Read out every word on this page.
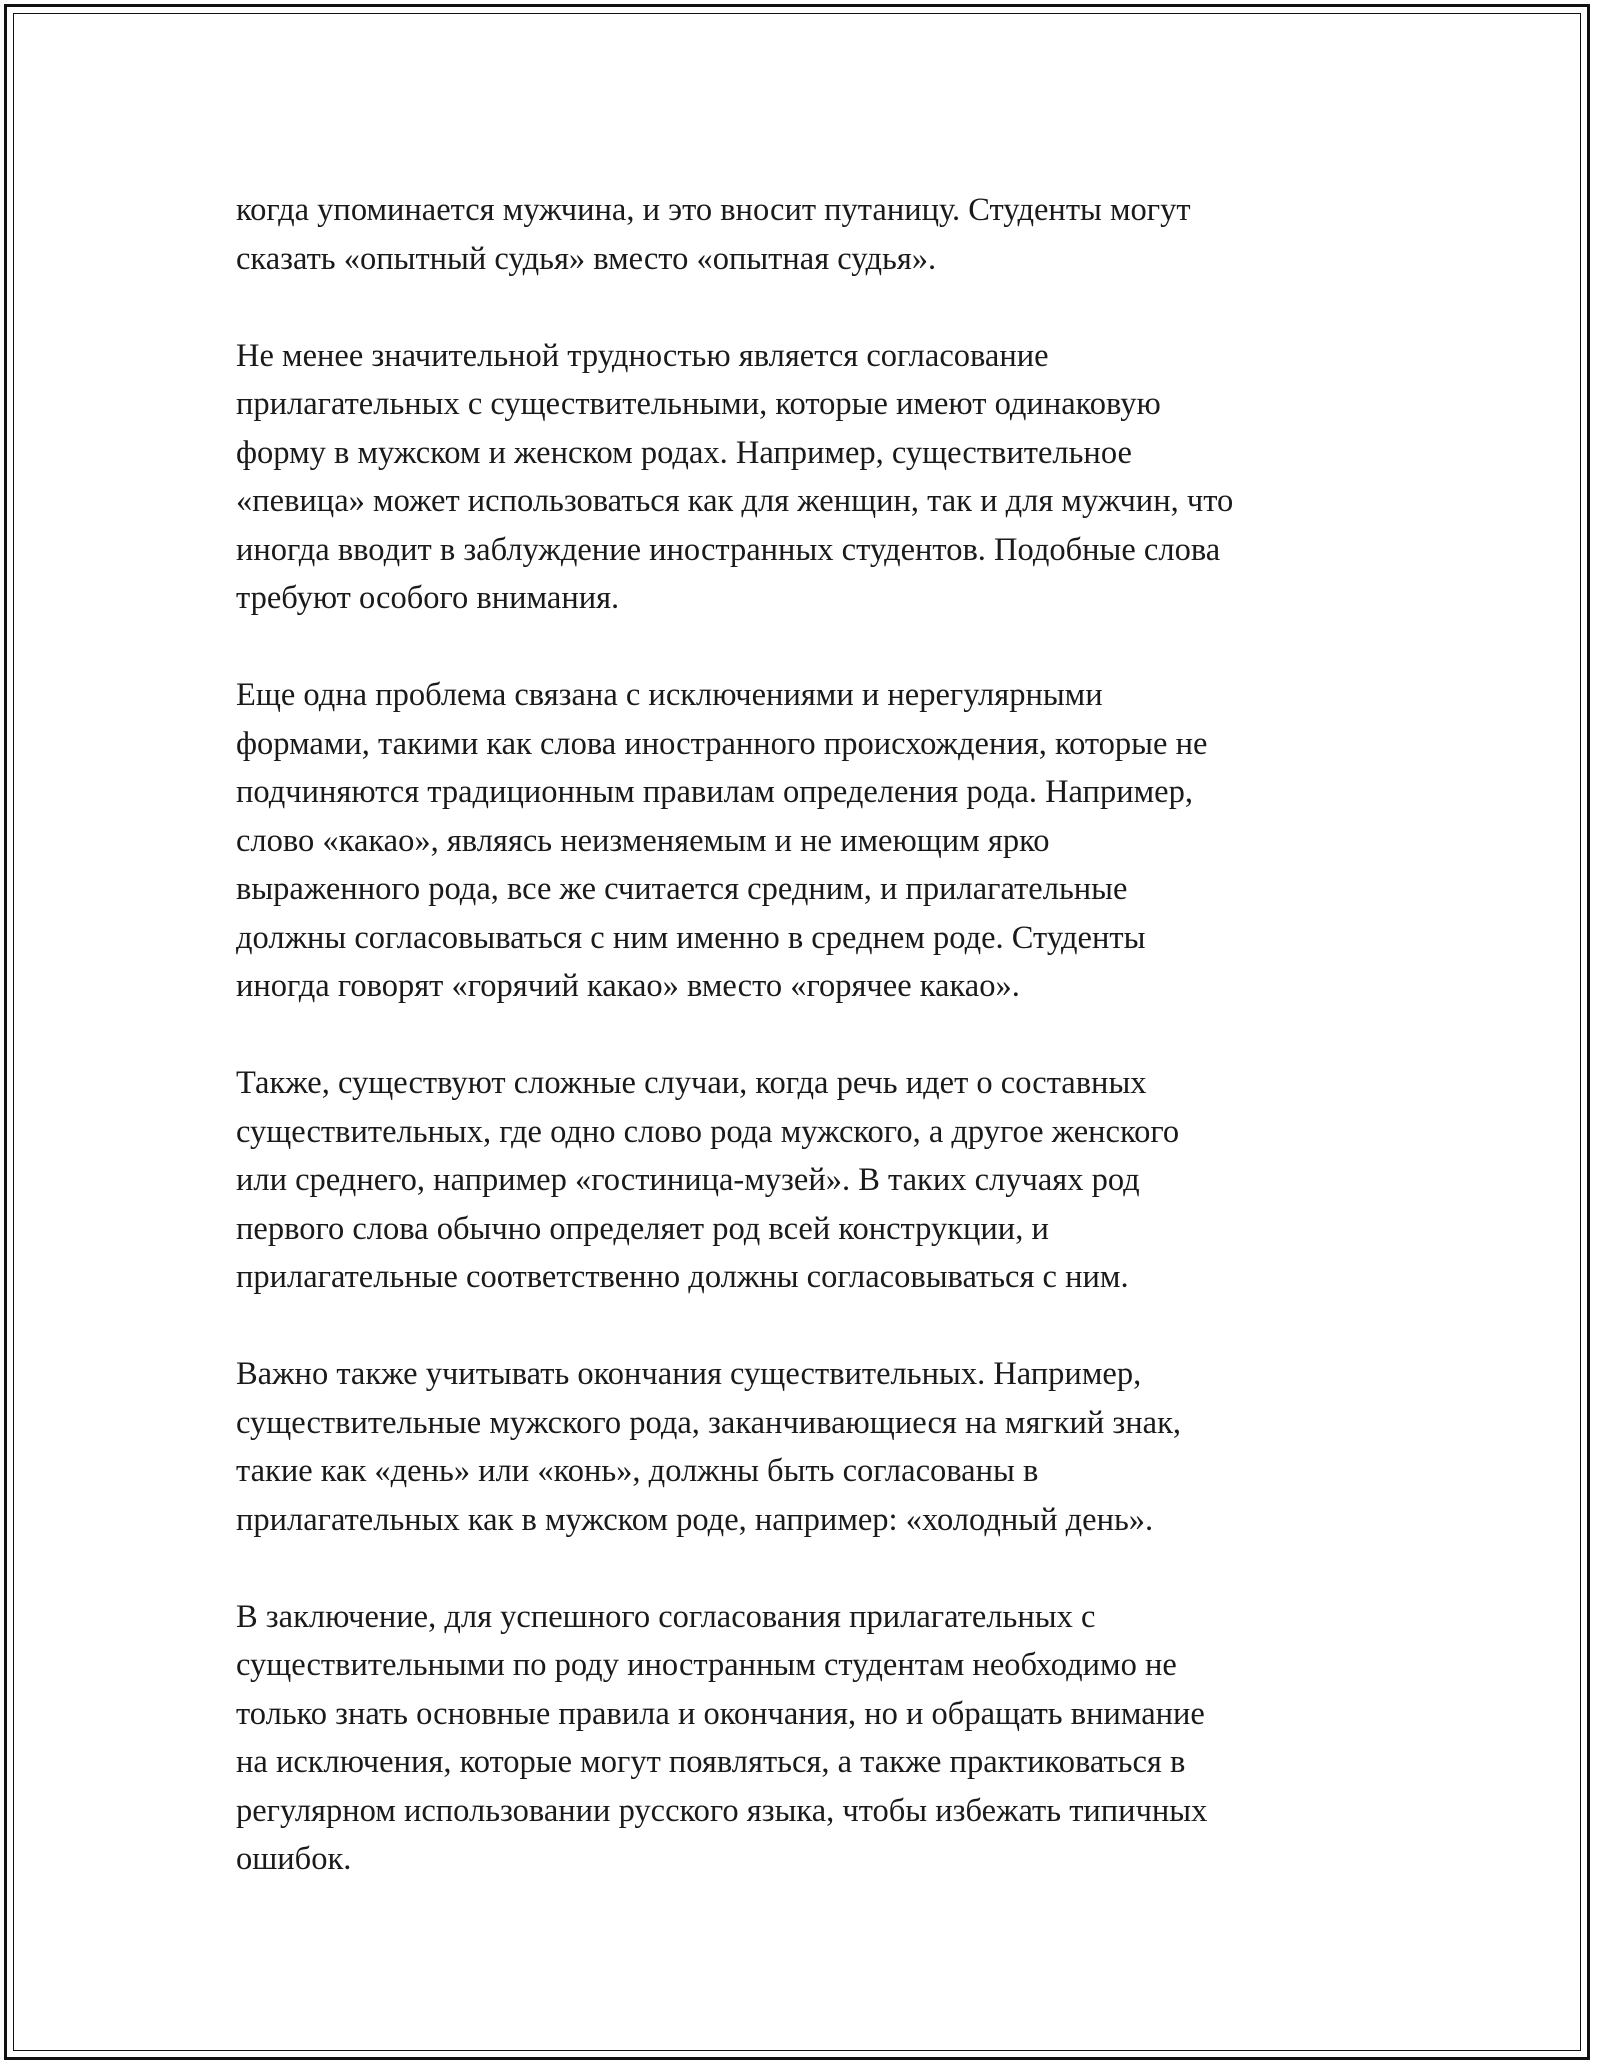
когда упоминается мужчина, и это вносит путаницу. Студенты могут
сказать «опытный судья» вместо «опытная судья».

Не менее значительной трудностью является согласование
прилагательных с существительными, которые имеют одинаковую
форму в мужском и женском родах. Например, существительное
«певица» может использоваться как для женщин, так и для мужчин, что
иногда вводит в заблуждение иностранных студентов. Подобные слова
требуют особого внимания.

Еще одна проблема связана с исключениями и нерегулярными
формами, такими как слова иностранного происхождения, которые не
подчиняются традиционным правилам определения рода. Например,
слово «какао», являясь неизменяемым и не имеющим ярко
выраженного рода, все же считается средним, и прилагательные
должны согласовываться с ним именно в среднем роде. Студенты
иногда говорят «горячий какао» вместо «горячее какао».

Также, существуют сложные случаи, когда речь идет о составных
существительных, где одно слово рода мужского, а другое женского
или среднего, например «гостиница-музей». В таких случаях род
первого слова обычно определяет род всей конструкции, и
прилагательные соответственно должны согласовываться с ним.

Важно также учитывать окончания существительных. Например,
существительные мужского рода, заканчивающиеся на мягкий знак,
такие как «день» или «конь», должны быть согласованы в
прилагательных как в мужском роде, например: «холодный день».

В заключение, для успешного согласования прилагательных с
существительными по роду иностранным студентам необходимо не
только знать основные правила и окончания, но и обращать внимание
на исключения, которые могут появляться, а также практиковаться в
регулярном использовании русского языка, чтобы избежать типичных
ошибок.
